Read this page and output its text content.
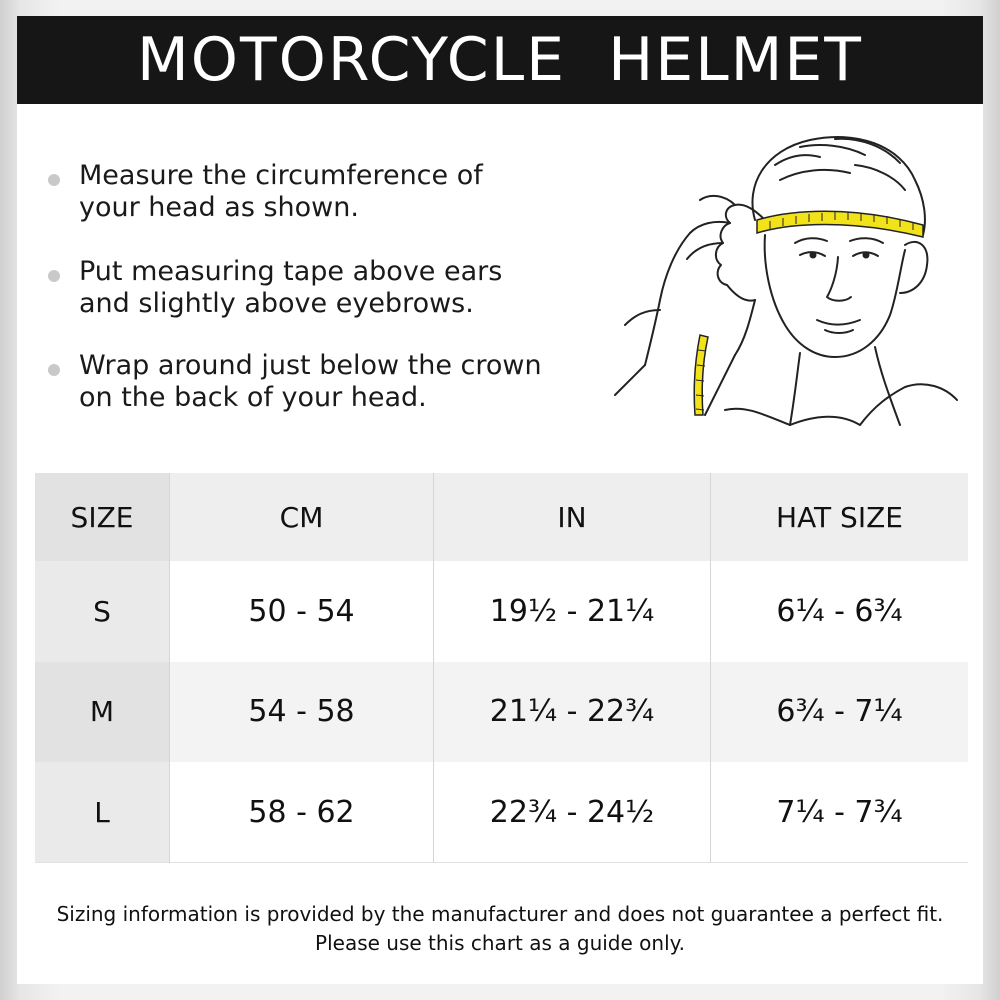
MOTORCYCLE  HELMET
Measure the circumference of
your head as shown.
Put measuring tape above ears
and slightly above eyebrows.
Wrap around just below the crown
on the back of your head.
SIZE	CM	IN	HAT SIZE
S	50 - 54	19½ - 21¼	6¼ - 6¾
M	54 - 58	21¼ - 22¾	6¾ - 7¼
L	58 - 62	22¾ - 24½	7¼ - 7¾
Sizing information is provided by the manufacturer and does not guarantee a perfect fit.
Please use this chart as a guide only.
